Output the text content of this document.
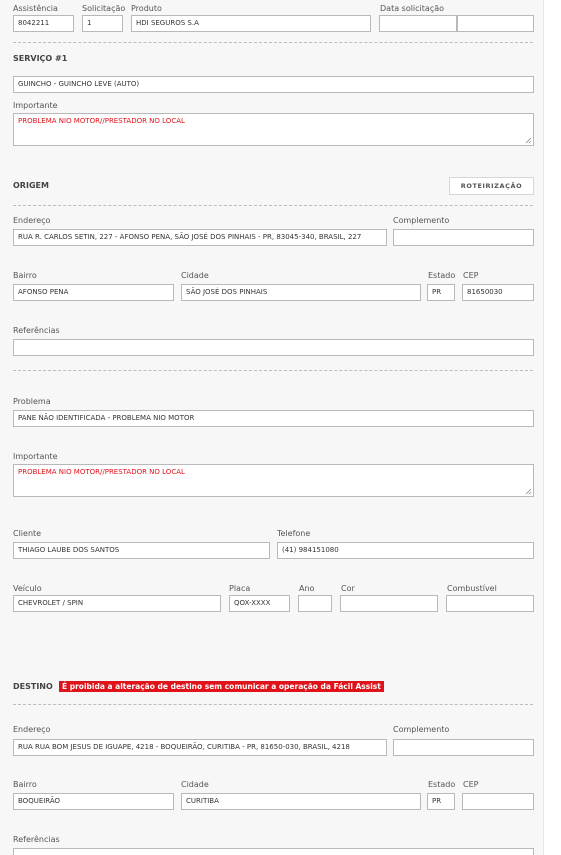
Assistência
8042211
Solicitação
1
Produto
HDI SEGUROS S.A
Data solicitação
SERVIÇO #1
GUINCHO - GUINCHO LEVE (AUTO)
Importante
PROBLEMA NIO MOTOR//PRESTADOR NO LOCAL
ORIGEM	ROTEIRIZAÇÃO
Endereço
RUA R. CARLOS SETIN, 227 - AFONSO PENA, SÃO JOSÉ DOS PINHAIS - PR, 83045-340, BRASIL, 227
Complemento
Bairro
AFONSO PENA
Cidade
SÃO JOSÉ DOS PINHAIS
Estado
PR
CEP
81650030
Referências
Problema
PANE NÃO IDENTIFICADA - PROBLEMA NIO MOTOR
Importante
PROBLEMA NIO MOTOR//PRESTADOR NO LOCAL
Cliente
THIAGO LAUBE DOS SANTOS
Telefone
(41) 984151080
Veículo
CHEVROLET / SPIN
Placa
QOX-XXXX
Ano	Cor	Combustível
DESTINO	É proibida a alteração de destino sem comunicar a operação da Fácil Assist
Endereço
RUA RUA BOM JESUS DE IGUAPE, 4218 - BOQUEIRÃO, CURITIBA - PR, 81650-030, BRASIL, 4218
Complemento
Bairro
BOQUEIRÃO
Cidade
CURITIBA
Estado
PR
CEP
Referências
